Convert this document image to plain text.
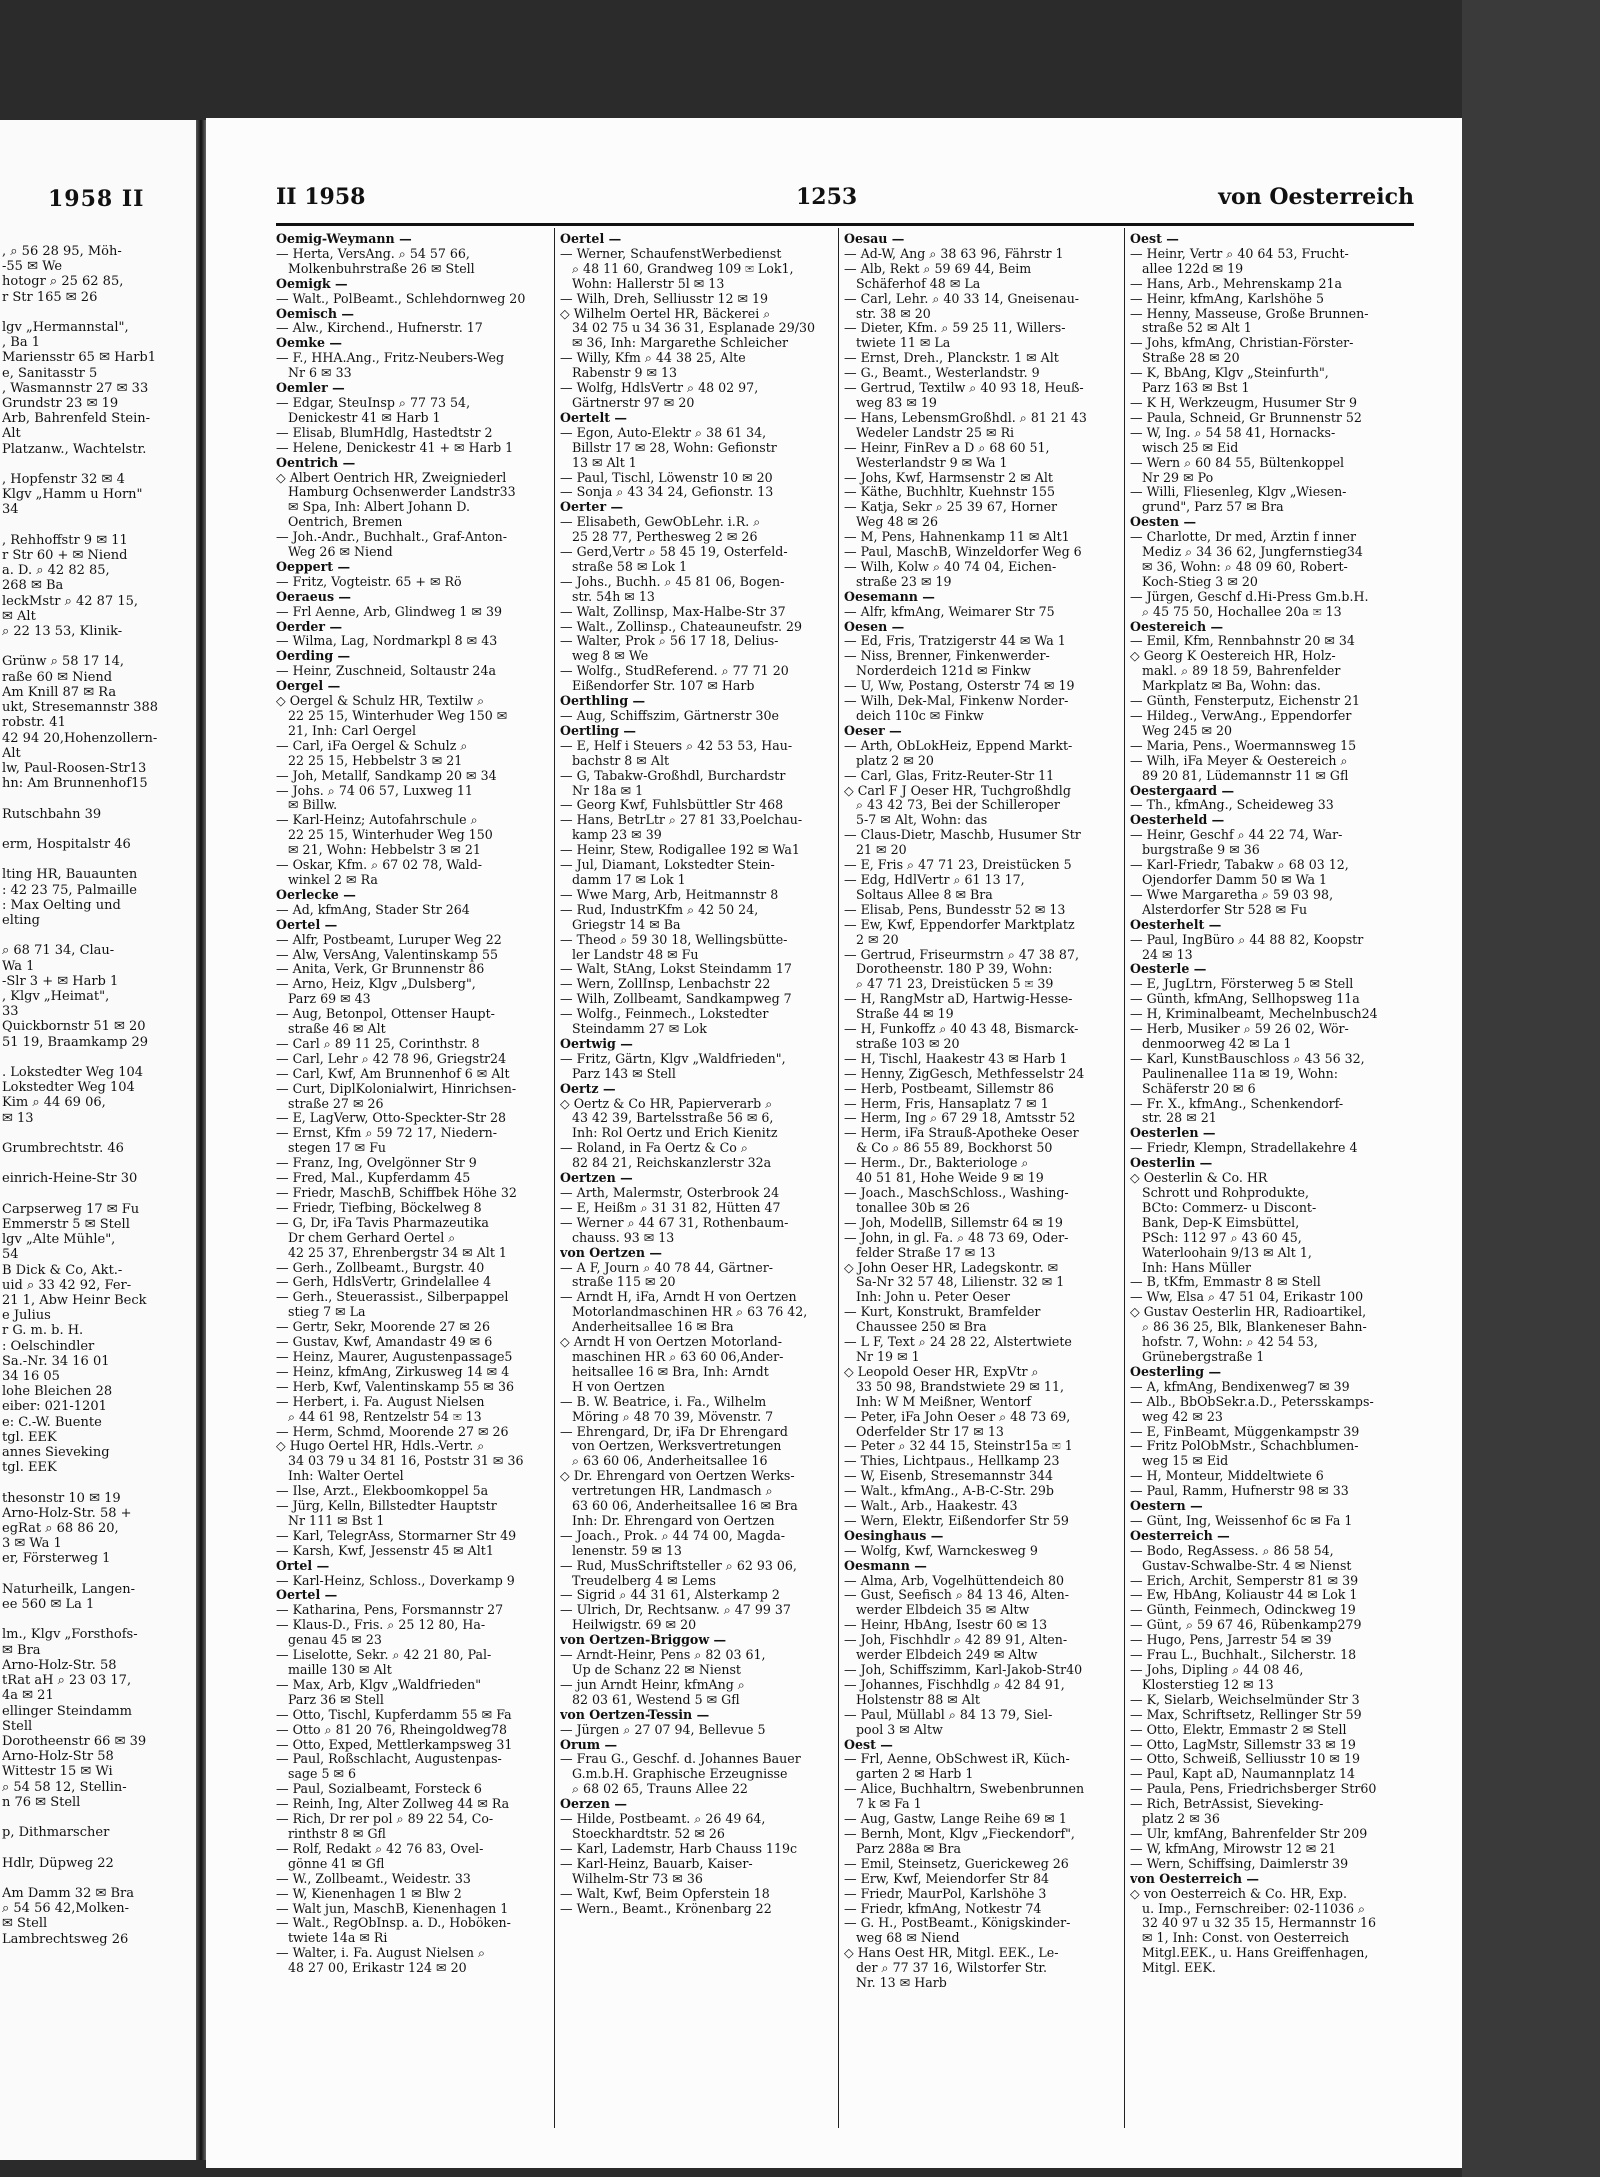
1958 II
, ⌕ 56 28 95, Möh-
-55 ✉ We
hotogr ⌕ 25 62 85,
r Str 165 ✉ 26

lgv „Hermannstal",
, Ba 1
Mariensstr 65 ✉ Harb1
e, Sanitasstr 5
, Wasmannstr 27 ✉ 33
Grundstr 23 ✉ 19
Arb, Bahrenfeld Stein-
Alt
Platzanw., Wachtelstr.

, Hopfenstr 32 ✉ 4
Klgv „Hamm u Horn"
34

, Rehhoffstr 9 ✉ 11
r Str 60 + ✉ Niend
a. D. ⌕ 42 82 85,
268 ✉ Ba
leckMstr ⌕ 42 87 15,
✉ Alt
⌕ 22 13 53, Klinik-

Grünw ⌕ 58 17 14,
raße 60 ✉ Niend
Am Knill 87 ✉ Ra
ukt, Stresemannstr 388
robstr. 41
42 94 20,Hohenzollern-
Alt
lw, Paul-Roosen-Str13
hn: Am Brunnenhof15

Rutschbahn 39

erm, Hospitalstr 46

lting HR, Bauaunten
: 42 23 75, Palmaille
: Max Oelting und
elting

⌕ 68 71 34, Clau-
Wa 1
-Slr 3 + ✉ Harb 1
, Klgv „Heimat",
33
Quickbornstr 51 ✉ 20
51 19, Braamkamp 29

. Lokstedter Weg 104
Lokstedter Weg 104
Kim ⌕ 44 69 06,
✉ 13

Grumbrechtstr. 46

einrich-Heine-Str 30

Carpserweg 17 ✉ Fu
Emmerstr 5 ✉ Stell
lgv „Alte Mühle",
54
B Dick & Co, Akt.-
uid ⌕ 33 42 92, Fer-
21 1, Abw Heinr Beck
e Julius
r G. m. b. H.
: Oelschindler
Sa.-Nr. 34 16 01
34 16 05
lohe Bleichen 28
eiber: 021-1201
e: C.-W. Buente
tgl. EEK
annes Sieveking
tgl. EEK

thesonstr 10 ✉ 19
Arno-Holz-Str. 58 +
egRat ⌕ 68 86 20,
3 ✉ Wa 1
er, Försterweg 1

Naturheilk, Langen-
ee 560 ✉ La 1

lm., Klgv „Forsthofs-
✉ Bra
Arno-Holz-Str. 58
tRat aH ⌕ 23 03 17,
4a ✉ 21
ellinger Steindamm
Stell
Dorotheenstr 66 ✉ 39
Arno-Holz-Str 58
Wittestr 15 ✉ Wi
⌕ 54 58 12, Stellin-
n 76 ✉ Stell

p, Dithmarscher

Hdlr, Düpweg 22

Am Damm 32 ✉ Bra
⌕ 54 56 42,Molken-
✉ Stell
Lambrechtsweg 26
II 1958	1253	von Oesterreich
Oemig-Weymann —
— Herta, VersAng. ⌕ 54 57 66,
Molkenbuhrstraße 26 ✉ Stell
Oemigk —
— Walt., PolBeamt., Schlehdornweg 20
Oemisch —
— Alw., Kirchend., Hufnerstr. 17
Oemke —
— F., HHA.Ang., Fritz-Neubers-Weg
Nr 6 ✉ 33
Oemler —
— Edgar, SteuInsp ⌕ 77 73 54,
Denickestr 41 ✉ Harb 1
— Elisab, BlumHdlg, Hastedtstr 2
— Helene, Denickestr 41 + ✉ Harb 1
Oentrich —
◇ Albert Oentrich HR, Zweigniederl
Hamburg Ochsenwerder Landstr33
✉ Spa, Inh: Albert Johann D.
Oentrich, Bremen
— Joh.-Andr., Buchhalt., Graf-Anton-
Weg 26 ✉ Niend
Oeppert —
— Fritz, Vogteistr. 65 + ✉ Rö
Oeraeus —
— Frl Aenne, Arb, Glindweg 1 ✉ 39
Oerder —
— Wilma, Lag, Nordmarkpl 8 ✉ 43
Oerding —
— Heinr, Zuschneid, Soltaustr 24a
Oergel —
◇ Oergel & Schulz HR, Textilw ⌕
22 25 15, Winterhuder Weg 150 ✉
21, Inh: Carl Oergel
— Carl, iFa Oergel & Schulz ⌕
22 25 15, Hebbelstr 3 ✉ 21
— Joh, Metallf, Sandkamp 20 ✉ 34
— Johs. ⌕ 74 06 57, Luxweg 11
✉ Billw.
— Karl-Heinz; Autofahrschule ⌕
22 25 15, Winterhuder Weg 150
✉ 21, Wohn: Hebbelstr 3 ✉ 21
— Oskar, Kfm. ⌕ 67 02 78, Wald-
winkel 2 ✉ Ra
Oerlecke —
— Ad, kfmAng, Stader Str 264
Oertel —
— Alfr, Postbeamt, Luruper Weg 22
— Alw, VersAng, Valentinskamp 55
— Anita, Verk, Gr Brunnenstr 86
— Arno, Heiz, Klgv „Dulsberg",
Parz 69 ✉ 43
— Aug, Betonpol, Ottenser Haupt-
straße 46 ✉ Alt
— Carl ⌕ 89 11 25, Corinthstr. 8
— Carl, Lehr ⌕ 42 78 96, Griegstr24
— Carl, Kwf, Am Brunnenhof 6 ✉ Alt
— Curt, DiplKolonialwirt, Hinrichsen-
straße 27 ✉ 26
— E, LagVerw, Otto-Speckter-Str 28
— Ernst, Kfm ⌕ 59 72 17, Niedern-
stegen 17 ✉ Fu
— Franz, Ing, Ovelgönner Str 9
— Fred, Mal., Kupferdamm 45
— Friedr, MaschB, Schiffbek Höhe 32
— Friedr, Tiefbing, Böckelweg 8
— G, Dr, iFa Tavis Pharmazeutika
Dr chem Gerhard Oertel ⌕
42 25 37, Ehrenbergstr 34 ✉ Alt 1
— Gerh., Zollbeamt., Burgstr. 40
— Gerh, HdlsVertr, Grindelallee 4
— Gerh., Steuerassist., Silberpappel
stieg 7 ✉ La
— Gertr, Sekr, Moorende 27 ✉ 26
— Gustav, Kwf, Amandastr 49 ✉ 6
— Heinz, Maurer, Augustenpassage5
— Heinz, kfmAng, Zirkusweg 14 ✉ 4
— Herb, Kwf, Valentinskamp 55 ✉ 36
— Herbert, i. Fa. August Nielsen
⌕ 44 61 98, Rentzelstr 54 ✉ 13
— Herm, Schmd, Moorende 27 ✉ 26
◇ Hugo Oertel HR, Hdls.-Vertr. ⌕
34 03 79 u 34 81 16, Poststr 31 ✉ 36
Inh: Walter Oertel
— Ilse, Arzt., Elekboomkoppel 5a
— Jürg, Kelln, Billstedter Hauptstr
Nr 111 ✉ Bst 1
— Karl, TelegrAss, Stormarner Str 49
— Karsh, Kwf, Jessenstr 45 ✉ Alt1
Ortel —
— Karl-Heinz, Schloss., Doverkamp 9
Oertel —
— Katharina, Pens, Forsmannstr 27
— Klaus-D., Fris. ⌕ 25 12 80, Ha-
genau 45 ✉ 23
— Liselotte, Sekr. ⌕ 42 21 80, Pal-
maille 130 ✉ Alt
— Max, Arb, Klgv „Waldfrieden"
Parz 36 ✉ Stell
— Otto, Tischl, Kupferdamm 55 ✉ Fa
— Otto ⌕ 81 20 76, Rheingoldweg78
— Otto, Exped, Mettlerkampsweg 31
— Paul, Roßschlacht, Augustenpas-
sage 5 ✉ 6
— Paul, Sozialbeamt, Forsteck 6
— Reinh, Ing, Alter Zollweg 44 ✉ Ra
— Rich, Dr rer pol ⌕ 89 22 54, Co-
rinthstr 8 ✉ Gfl
— Rolf, Redakt ⌕ 42 76 83, Ovel-
gönne 41 ✉ Gfl
— W., Zollbeamt., Weidestr. 33
— W, Kienenhagen 1 ✉ Blw 2
— Walt jun, MaschB, Kienenhagen 1
— Walt., RegObInsp. a. D., Hoböken-
twiete 14a ✉ Ri
— Walter, i. Fa. August Nielsen ⌕
48 27 00, Erikastr 124 ✉ 20
Oertel —
— Werner, SchaufenstWerbedienst
⌕ 48 11 60, Grandweg 109 ✉ Lok1,
Wohn: Hallerstr 5l ✉ 13
— Wilh, Dreh, Selliusstr 12 ✉ 19
◇ Wilhelm Oertel HR, Bäckerei ⌕
34 02 75 u 34 36 31, Esplanade 29/30
✉ 36, Inh: Margarethe Schleicher
— Willy, Kfm ⌕ 44 38 25, Alte
Rabenstr 9 ✉ 13
— Wolfg, HdlsVertr ⌕ 48 02 97,
Gärtnerstr 97 ✉ 20
Oertelt —
— Egon, Auto-Elektr ⌕ 38 61 34,
Billstr 17 ✉ 28, Wohn: Gefionstr
13 ✉ Alt 1
— Paul, Tischl, Löwenstr 10 ✉ 20
— Sonja ⌕ 43 34 24, Gefionstr. 13
Oerter —
— Elisabeth, GewObLehr. i.R. ⌕
25 28 77, Perthesweg 2 ✉ 26
— Gerd,Vertr ⌕ 58 45 19, Osterfeld-
straße 58 ✉ Lok 1
— Johs., Buchh. ⌕ 45 81 06, Bogen-
str. 54h ✉ 13
— Walt, Zollinsp, Max-Halbe-Str 37
— Walt., Zollinsp., Chateauneufstr. 29
— Walter, Prok ⌕ 56 17 18, Delius-
weg 8 ✉ We
— Wolfg., StudReferend. ⌕ 77 71 20
Eißendorfer Str. 107 ✉ Harb
Oerthling —
— Aug, Schiffszim, Gärtnerstr 30e
Oertling —
— E, Helf i Steuers ⌕ 42 53 53, Hau-
bachstr 8 ✉ Alt
— G, Tabakw-Großhdl, Burchardstr
Nr 18a ✉ 1
— Georg Kwf, Fuhlsbüttler Str 468
— Hans, BetrLtr ⌕ 27 81 33,Poelchau-
kamp 23 ✉ 39
— Heinr, Stew, Rodigallee 192 ✉ Wa1
— Jul, Diamant, Lokstedter Stein-
damm 17 ✉ Lok 1
— Wwe Marg, Arb, Heitmannstr 8
— Rud, IndustrKfm ⌕ 42 50 24,
Griegstr 14 ✉ Ba
— Theod ⌕ 59 30 18, Wellingsbütte-
ler Landstr 48 ✉ Fu
— Walt, StAng, Lokst Steindamm 17
— Wern, ZollInsp, Lenbachstr 22
— Wilh, Zollbeamt, Sandkampweg 7
— Wolfg., Feinmech., Lokstedter
Steindamm 27 ✉ Lok
Oertwig —
— Fritz, Gärtn, Klgv „Waldfrieden",
Parz 143 ✉ Stell
Oertz —
◇ Oertz & Co HR, Papierverarb ⌕
43 42 39, Bartelsstraße 56 ✉ 6,
Inh: Rol Oertz und Erich Kienitz
— Roland, in Fa Oertz & Co ⌕
82 84 21, Reichskanzlerstr 32a
Oertzen —
— Arth, Malermstr, Osterbrook 24
— E, Heißm ⌕ 31 31 82, Hütten 47
— Werner ⌕ 44 67 31, Rothenbaum-
chauss. 93 ✉ 13
von Oertzen —
— A F, Journ ⌕ 40 78 44, Gärtner-
straße 115 ✉ 20
— Arndt H, iFa, Arndt H von Oertzen
Motorlandmaschinen HR ⌕ 63 76 42,
Anderheitsallee 16 ✉ Bra
◇ Arndt H von Oertzen Motorland-
maschinen HR ⌕ 63 60 06,Ander-
heitsallee 16 ✉ Bra, Inh: Arndt
H von Oertzen
— B. W. Beatrice, i. Fa., Wilhelm
Möring ⌕ 48 70 39, Mövenstr. 7
— Ehrengard, Dr, iFa Dr Ehrengard
von Oertzen, Werksvertretungen
⌕ 63 60 06, Anderheitsallee 16
◇ Dr. Ehrengard von Oertzen Werks-
vertretungen HR, Landmasch ⌕
63 60 06, Anderheitsallee 16 ✉ Bra
Inh: Dr. Ehrengard von Oertzen
— Joach., Prok. ⌕ 44 74 00, Magda-
lenenstr. 59 ✉ 13
— Rud, MusSchriftsteller ⌕ 62 93 06,
Treudelberg 4 ✉ Lems
— Sigrid ⌕ 44 31 61, Alsterkamp 2
— Ulrich, Dr, Rechtsanw. ⌕ 47 99 37
Heilwigstr. 69 ✉ 20
von Oertzen-Briggow —
— Arndt-Heinr, Pens ⌕ 82 03 61,
Up de Schanz 22 ✉ Nienst
— jun Arndt Heinr, kfmAng ⌕
82 03 61, Westend 5 ✉ Gfl
von Oertzen-Tessin —
— Jürgen ⌕ 27 07 94, Bellevue 5
Orum —
— Frau G., Geschf. d. Johannes Bauer
G.m.b.H. Graphische Erzeugnisse
⌕ 68 02 65, Trauns Allee 22
Oerzen —
— Hilde, Postbeamt. ⌕ 26 49 64,
Stoeckhardtstr. 52 ✉ 26
— Karl, Lademstr, Harb Chauss 119c
— Karl-Heinz, Bauarb, Kaiser-
Wilhelm-Str 73 ✉ 36
— Walt, Kwf, Beim Opferstein 18
— Wern., Beamt., Krönenbarg 22
Oesau —
— Ad-W, Ang ⌕ 38 63 96, Fährstr 1
— Alb, Rekt ⌕ 59 69 44, Beim
Schäferhof 48 ✉ La
— Carl, Lehr. ⌕ 40 33 14, Gneisenau-
str. 38 ✉ 20
— Dieter, Kfm. ⌕ 59 25 11, Willers-
twiete 11 ✉ La
— Ernst, Dreh., Planckstr. 1 ✉ Alt
— G., Beamt., Westerlandstr. 9
— Gertrud, Textilw ⌕ 40 93 18, Heuß-
weg 83 ✉ 19
— Hans, LebensmGroßhdl. ⌕ 81 21 43
Wedeler Landstr 25 ✉ Ri
— Heinr, FinRev a D ⌕ 68 60 51,
Westerlandstr 9 ✉ Wa 1
— Johs, Kwf, Harmsenstr 2 ✉ Alt
— Käthe, Buchhltr, Kuehnstr 155
— Katja, Sekr ⌕ 25 39 67, Horner
Weg 48 ✉ 26
— M, Pens, Hahnenkamp 11 ✉ Alt1
— Paul, MaschB, Winzeldorfer Weg 6
— Wilh, Kolw ⌕ 40 74 04, Eichen-
straße 23 ✉ 19
Oesemann —
— Alfr, kfmAng, Weimarer Str 75
Oesen —
— Ed, Fris, Tratzigerstr 44 ✉ Wa 1
— Niss, Brenner, Finkenwerder-
Norderdeich 121d ✉ Finkw
— U, Ww, Postang, Osterstr 74 ✉ 19
— Wilh, Dek-Mal, Finkenw Norder-
deich 110c ✉ Finkw
Oeser —
— Arth, ObLokHeiz, Eppend Markt-
platz 2 ✉ 20
— Carl, Glas, Fritz-Reuter-Str 11
◇ Carl F J Oeser HR, Tuchgroßhdlg
⌕ 43 42 73, Bei der Schilleroper
5-7 ✉ Alt, Wohn: das
— Claus-Dietr, Maschb, Husumer Str
21 ✉ 20
— E, Fris ⌕ 47 71 23, Dreistücken 5
— Edg, HdlVertr ⌕ 61 13 17,
Soltaus Allee 8 ✉ Bra
— Elisab, Pens, Bundesstr 52 ✉ 13
— Ew, Kwf, Eppendorfer Marktplatz
2 ✉ 20
— Gertrud, Friseurmstrn ⌕ 47 38 87,
Dorotheenstr. 180 P 39, Wohn:
⌕ 47 71 23, Dreistücken 5 ✉ 39
— H, RangMstr aD, Hartwig-Hesse-
Straße 44 ✉ 19
— H, Funkoffz ⌕ 40 43 48, Bismarck-
straße 103 ✉ 20
— H, Tischl, Haakestr 43 ✉ Harb 1
— Henny, ZigGesch, Methfesselstr 24
— Herb, Postbeamt, Sillemstr 86
— Herm, Fris, Hansaplatz 7 ✉ 1
— Herm, Ing ⌕ 67 29 18, Amtsstr 52
— Herm, iFa Strauß-Apotheke Oeser
& Co ⌕ 86 55 89, Bockhorst 50
— Herm., Dr., Bakteriologe ⌕
40 51 81, Hohe Weide 9 ✉ 19
— Joach., MaschSchloss., Washing-
tonallee 30b ✉ 26
— Joh, ModellB, Sillemstr 64 ✉ 19
— John, in gl. Fa. ⌕ 48 73 69, Oder-
felder Straße 17 ✉ 13
◇ John Oeser HR, Ladegskontr. ✉
Sa-Nr 32 57 48, Lilienstr. 32 ✉ 1
Inh: John u. Peter Oeser
— Kurt, Konstrukt, Bramfelder
Chaussee 250 ✉ Bra
— L F, Text ⌕ 24 28 22, Alstertwiete
Nr 19 ✉ 1
◇ Leopold Oeser HR, ExpVtr ⌕
33 50 98, Brandstwiete 29 ✉ 11,
Inh: W M Meißner, Wentorf
— Peter, iFa John Oeser ⌕ 48 73 69,
Oderfelder Str 17 ✉ 13
— Peter ⌕ 32 44 15, Steinstr15a ✉ 1
— Thies, Lichtpaus., Hellkamp 23
— W, Eisenb, Stresemannstr 344
— Walt., kfmAng., A-B-C-Str. 29b
— Walt., Arb., Haakestr. 43
— Wern, Elektr, Eißendorfer Str 59
Oesinghaus —
— Wolfg, Kwf, Warnckesweg 9
Oesmann —
— Alma, Arb, Vogelhüttendeich 80
— Gust, Seefisch ⌕ 84 13 46, Alten-
werder Elbdeich 35 ✉ Altw
— Heinr, HbAng, Isestr 60 ✉ 13
— Joh, Fischhdlr ⌕ 42 89 91, Alten-
werder Elbdeich 249 ✉ Altw
— Joh, Schiffszimm, Karl-Jakob-Str40
— Johannes, Fischhdlg ⌕ 42 84 91,
Holstenstr 88 ✉ Alt
— Paul, Müllabl ⌕ 84 13 79, Siel-
pool 3 ✉ Altw
Oest —
— Frl, Aenne, ObSchwest iR, Küch-
garten 2 ✉ Harb 1
— Alice, Buchhaltrn, Swebenbrunnen
7 k ✉ Fa 1
— Aug, Gastw, Lange Reihe 69 ✉ 1
— Bernh, Mont, Klgv „Fieckendorf",
Parz 288a ✉ Bra
— Emil, Steinsetz, Guerickeweg 26
— Erw, Kwf, Meiendorfer Str 84
— Friedr, MaurPol, Karlshöhe 3
— Friedr, kfmAng, Notkestr 74
— G. H., PostBeamt., Königskinder-
weg 68 ✉ Niend
◇ Hans Oest HR, Mitgl. EEK., Le-
der ⌕ 77 37 16, Wilstorfer Str.
Nr. 13 ✉ Harb
Oest —
— Heinr, Vertr ⌕ 40 64 53, Frucht-
allee 122d ✉ 19
— Hans, Arb., Mehrenskamp 21a
— Heinr, kfmAng, Karlshöhe 5
— Henny, Masseuse, Große Brunnen-
straße 52 ✉ Alt 1
— Johs, kfmAng, Christian-Förster-
Straße 28 ✉ 20
— K, BbAng, Klgv „Steinfurth",
Parz 163 ✉ Bst 1
— K H, Werkzeugm, Husumer Str 9
— Paula, Schneid, Gr Brunnenstr 52
— W, Ing. ⌕ 54 58 41, Hornacks-
wisch 25 ✉ Eid
— Wern ⌕ 60 84 55, Bültenkoppel
Nr 29 ✉ Po
— Willi, Fliesenleg, Klgv „Wiesen-
grund", Parz 57 ✉ Bra
Oesten —
— Charlotte, Dr med, Ärztin f inner
Mediz ⌕ 34 36 62, Jungfernstieg34
✉ 36, Wohn: ⌕ 48 09 60, Robert-
Koch-Stieg 3 ✉ 20
— Jürgen, Geschf d.Hi-Press Gm.b.H.
⌕ 45 75 50, Hochallee 20a ✉ 13
Oestereich —
— Emil, Kfm, Rennbahnstr 20 ✉ 34
◇ Georg K Oestereich HR, Holz-
makl. ⌕ 89 18 59, Bahrenfelder
Markplatz ✉ Ba, Wohn: das.
— Günth, Fensterputz, Eichenstr 21
— Hildeg., VerwAng., Eppendorfer
Weg 245 ✉ 20
— Maria, Pens., Woermannsweg 15
— Wilh, iFa Meyer & Oestereich ⌕
89 20 81, Lüdemannstr 11 ✉ Gfl
Oestergaard —
— Th., kfmAng., Scheideweg 33
Oesterheld —
— Heinr, Geschf ⌕ 44 22 74, War-
burgstraße 9 ✉ 36
— Karl-Friedr, Tabakw ⌕ 68 03 12,
Ojendorfer Damm 50 ✉ Wa 1
— Wwe Margaretha ⌕ 59 03 98,
Alsterdorfer Str 528 ✉ Fu
Oesterhelt —
— Paul, IngBüro ⌕ 44 88 82, Koopstr
24 ✉ 13
Oesterle —
— E, JugLtrn, Försterweg 5 ✉ Stell
— Günth, kfmAng, Sellhopsweg 11a
— H, Kriminalbeamt, Mechelnbusch24
— Herb, Musiker ⌕ 59 26 02, Wör-
denmoorweg 42 ✉ La 1
— Karl, KunstBauschloss ⌕ 43 56 32,
Paulinenallee 11a ✉ 19, Wohn:
Schäferstr 20 ✉ 6
— Fr. X., kfmAng., Schenkendorf-
str. 28 ✉ 21
Oesterlen —
— Friedr, Klempn, Stradellakehre 4
Oesterlin —
◇ Oesterlin & Co. HR
Schrott und Rohprodukte,
BCto: Commerz- u Discont-
Bank, Dep-K Eimsbüttel,
PSch: 112 97 ⌕ 43 60 45,
Waterloohain 9/13 ✉ Alt 1,
Inh: Hans Müller
— B, tKfm, Emmastr 8 ✉ Stell
— Ww, Elsa ⌕ 47 51 04, Erikastr 100
◇ Gustav Oesterlin HR, Radioartikel,
⌕ 86 36 25, Blk, Blankeneser Bahn-
hofstr. 7, Wohn: ⌕ 42 54 53,
Grünebergstraße 1
Oesterling —
— A, kfmAng, Bendixenweg7 ✉ 39
— Alb., BbObSekr.a.D., Petersskamps-
weg 42 ✉ 23
— E, FinBeamt, Müggenkampstr 39
— Fritz PolObMstr., Schachblumen-
weg 15 ✉ Eid
— H, Monteur, Middeltwiete 6
— Paul, Ramm, Hufnerstr 98 ✉ 33
Oestern —
— Günt, Ing, Weissenhof 6c ✉ Fa 1
Oesterreich —
— Bodo, RegAssess. ⌕ 86 58 54,
Gustav-Schwalbe-Str. 4 ✉ Nienst
— Erich, Archit, Semperstr 81 ✉ 39
— Ew, HbAng, Koliaustr 44 ✉ Lok 1
— Günth, Feinmech, Odinckweg 19
— Günt, ⌕ 59 67 46, Rübenkamp279
— Hugo, Pens, Jarrestr 54 ✉ 39
— Frau L., Buchhalt., Silcherstr. 18
— Johs, Dipling ⌕ 44 08 46,
Klosterstieg 12 ✉ 13
— K, Sielarb, Weichselmünder Str 3
— Max, Schriftsetz, Rellinger Str 59
— Otto, Elektr, Emmastr 2 ✉ Stell
— Otto, LagMstr, Sillemstr 33 ✉ 19
— Otto, Schweiß, Selliusstr 10 ✉ 19
— Paul, Kapt aD, Naumannplatz 14
— Paula, Pens, Friedrichsberger Str60
— Rich, BetrAssist, Sieveking-
platz 2 ✉ 36
— Ulr, kmfAng, Bahrenfelder Str 209
— W, kfmAng, Mirowstr 12 ✉ 21
— Wern, Schiffsing, Daimlerstr 39
von Oesterreich —
◇ von Oesterreich & Co. HR, Exp.
u. Imp., Fernschreiber: 02-11036 ⌕
32 40 97 u 32 35 15, Hermannstr 16
✉ 1, Inh: Const. von Oesterreich
Mitgl.EEK., u. Hans Greiffenhagen,
Mitgl. EEK.
